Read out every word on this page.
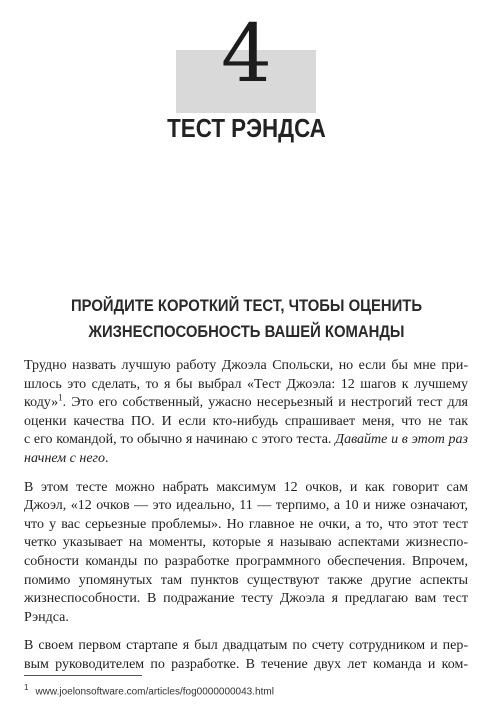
4
ТЕСТ РЭНДСА
ПРОЙДИТЕ КОРОТКИЙ ТЕСТ, ЧТОБЫ ОЦЕНИТЬ
ЖИЗНЕСПОСОБНОСТЬ ВАШЕЙ КОМАНДЫ

Трудно назвать лучшую работу Джоэла Спольски, но если бы мне при-
шлось это сделать, то я бы выбрал «Тест Джоэла: 12 шагов к лучшему
коду»$^1$. Это его собственный, ужасно несерьезный и нестрогий тест для
оценки качества ПО. И если кто-нибудь спрашивает меня, что не так
с его командой, то обычно я начинаю с этого теста. Давайте и в этот раз
начнем с него.

В этом тесте можно набрать максимум 12 очков, и как говорит сам
Джоэл, «12 очков — это идеально, 11 — терпимо, а 10 и ниже означают,
что у вас серьезные проблемы». Но главное не очки, а то, что этот тест
четко указывает на моменты, которые я называю аспектами жизнеспо-
собности команды по разработке программного обеспечения. Впрочем,
помимо упомянутых там пунктов существуют также другие аспекты
жизнеспособности. В подражание тесту Джоэла я предлагаю вам тест
Рэндса.

В своем первом стартапе я был двадцатым по счету сотрудником и пер-
вым руководителем по разработке. В течение двух лет команда и ком-

$^1$ www.joelonsoftware.com/articles/fog0000000043.html
